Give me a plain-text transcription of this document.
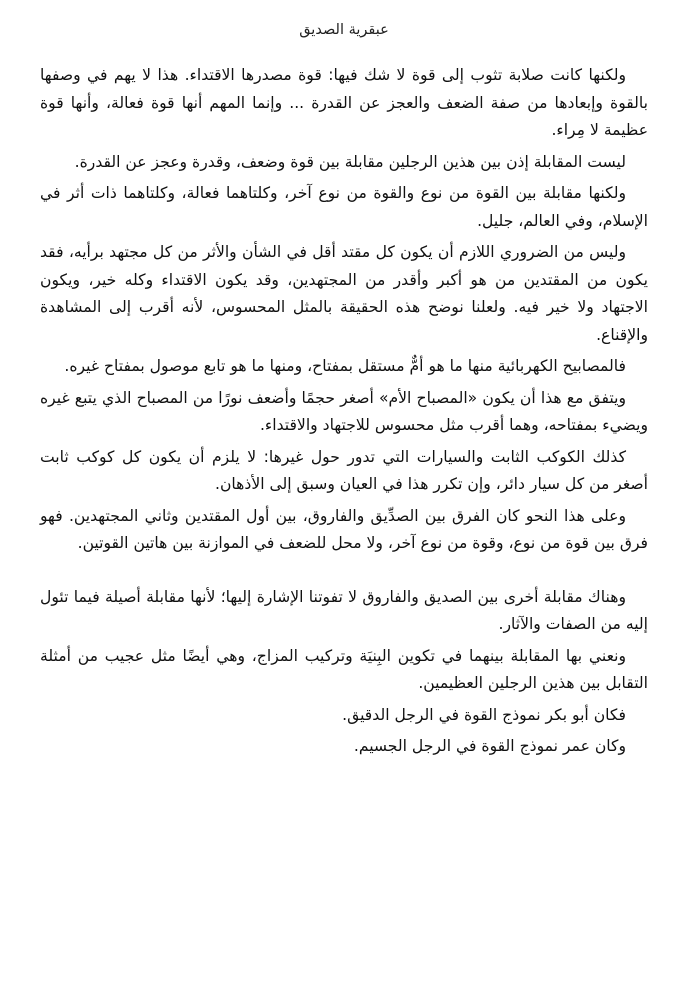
عبقرية الصديق

ولكنها كانت صلابة تثوب إلى قوة لا شك فيها: قوة مصدرها الاقتداء. هذا لا يهم في وصفها بالقوة وإبعادها من صفة الضعف والعجز عن القدرة ... وإنما المهم أنها قوة فعالة، وأنها قوة عظيمة لا مِراء.

ليست المقابلة إذن بين هذين الرجلين مقابلة بين قوة وضعف، وقدرة وعجز عن القدرة.

ولكنها مقابلة بين القوة من نوع والقوة من نوع آخر، وكلتاهما فعالة، وكلتاهما ذات أثر في الإسلام، وفي العالم، جليل.

وليس من الضروري اللازم أن يكون كل مقتد أقل في الشأن والأثر من كل مجتهد برأيه، فقد يكون من المقتدين من هو أكبر وأقدر من المجتهدين، وقد يكون الاقتداء وكله خير، ويكون الاجتهاد ولا خير فيه. ولعلنا نوضح هذه الحقيقة بالمثل المحسوس، لأنه أقرب إلى المشاهدة والإقناع.

فالمصابيح الكهربائية منها ما هو أمٌّ مستقل بمفتاح، ومنها ما هو تابع موصول بمفتاح غيره.

ويتفق مع هذا أن يكون «المصباح الأم» أصغر حجمًا وأضعف نورًا من المصباح الذي يتبع غيره ويضيء بمفتاحه، وهما أقرب مثل محسوس للاجتهاد والاقتداء.

كذلك الكوكب الثابت والسيارات التي تدور حول غيرها: لا يلزم أن يكون كل كوكب ثابت أصغر من كل سيار دائر، وإن تكرر هذا في العيان وسبق إلى الأذهان.

وعلى هذا النحو كان الفرق بين الصدِّيق والفاروق، بين أول المقتدين وثاني المجتهدين. فهو فرق بين قوة من نوع، وقوة من نوع آخر، ولا محل للضعف في الموازنة بين هاتين القوتين.

وهناك مقابلة أخرى بين الصديق والفاروق لا تفوتنا الإشارة إليها؛ لأنها مقابلة أصيلة فيما تئول إليه من الصفات والآثار.

ونعني بها المقابلة بينهما في تكوين البِنيَة وتركيب المزاج، وهي أيضًا مثل عجيب من أمثلة التقابل بين هذين الرجلين العظيمين.

فكان أبو بكر نموذج القوة في الرجل الدقيق.

وكان عمر نموذج القوة في الرجل الجسيم.
